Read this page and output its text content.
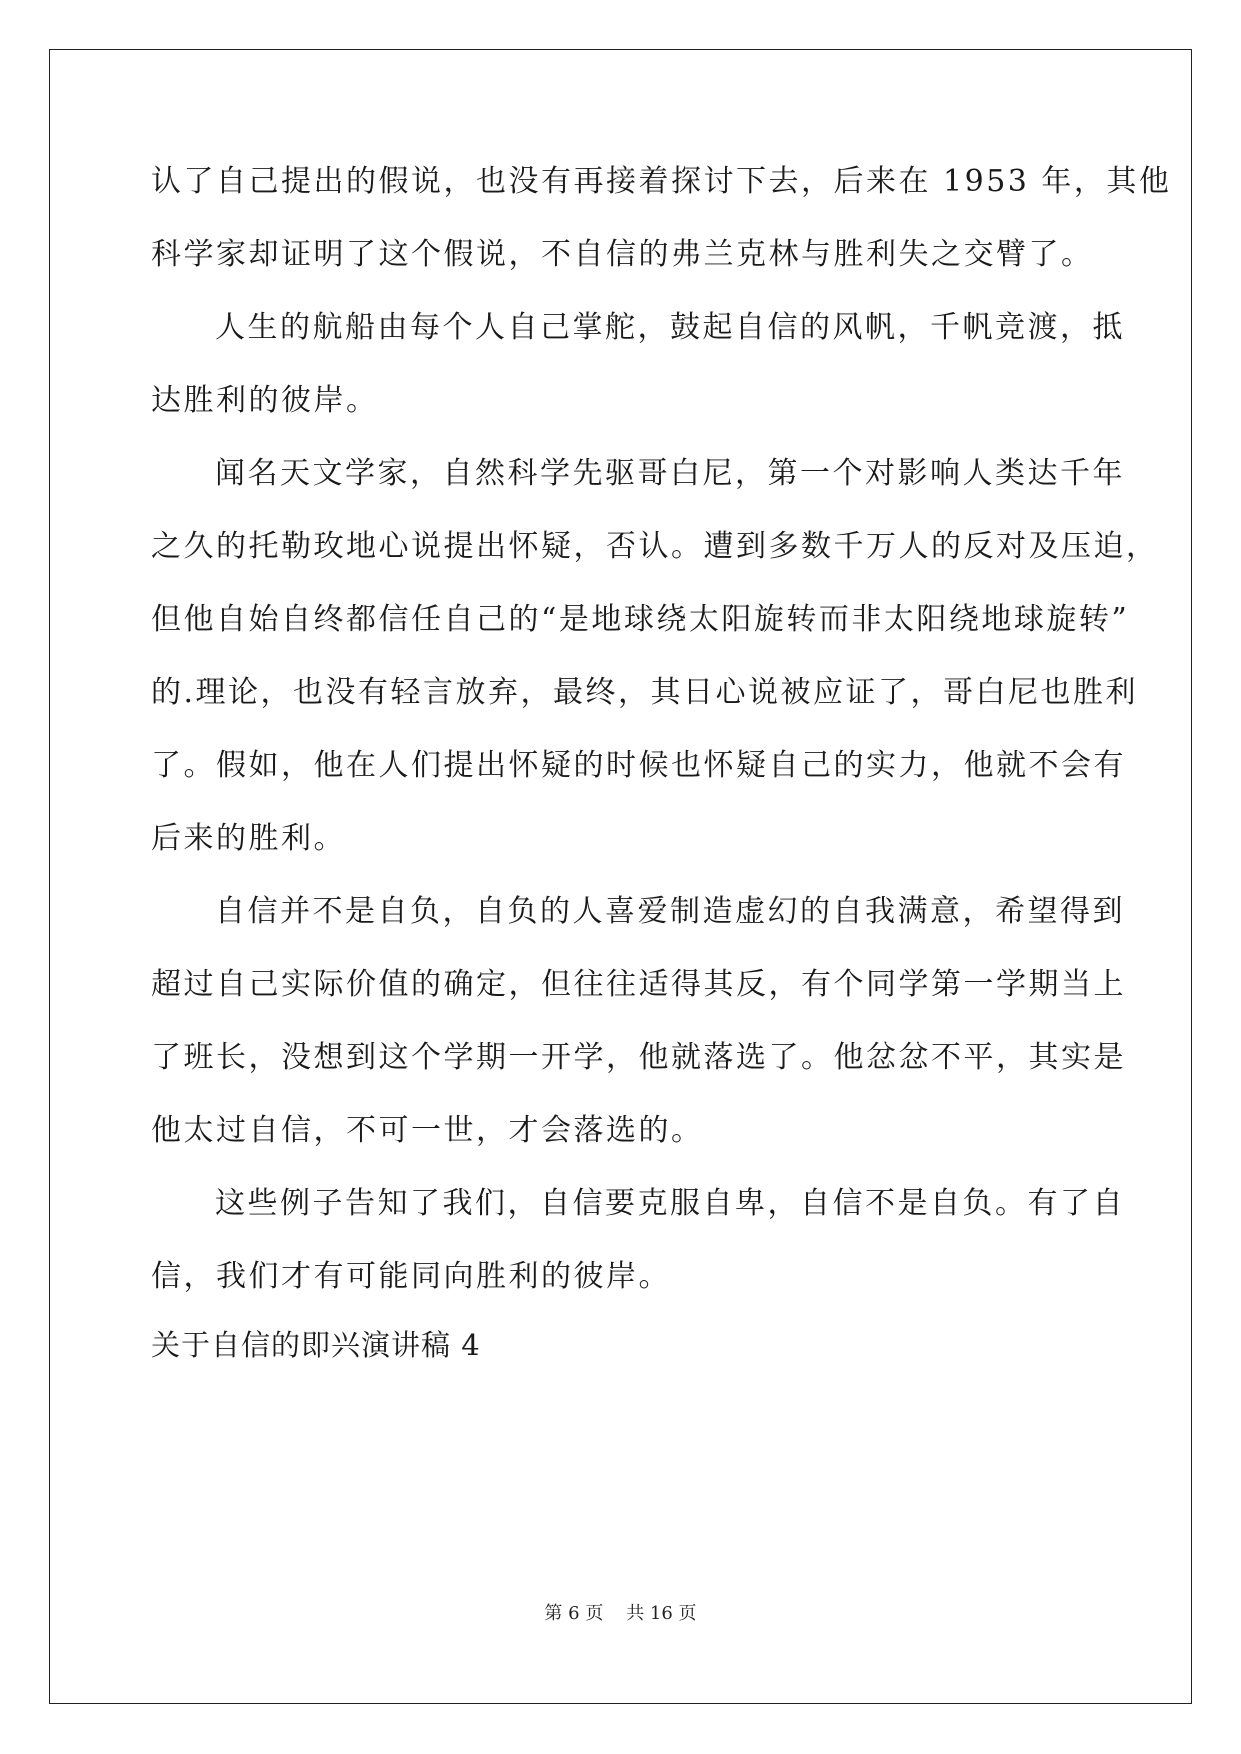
认了自己提出的假说，也没有再接着探讨下去，后来在 1953 年，其他
科学家却证明了这个假说，不自信的弗兰克林与胜利失之交臂了。
人生的航船由每个人自己掌舵，鼓起自信的风帆，千帆竞渡，抵
达胜利的彼岸。
闻名天文学家，自然科学先驱哥白尼，第一个对影响人类达千年
之久的托勒玫地心说提出怀疑，否认。遭到多数千万人的反对及压迫，
但他自始自终都信任自己的“是地球绕太阳旋转而非太阳绕地球旋转”
的.理论，也没有轻言放弃，最终，其日心说被应证了，哥白尼也胜利
了。假如，他在人们提出怀疑的时候也怀疑自己的实力，他就不会有
后来的胜利。
自信并不是自负，自负的人喜爱制造虚幻的自我满意，希望得到
超过自己实际价值的确定，但往往适得其反，有个同学第一学期当上
了班长，没想到这个学期一开学，他就落选了。他忿忿不平，其实是
他太过自信，不可一世，才会落选的。
这些例子告知了我们，自信要克服自卑，自信不是自负。有了自
信，我们才有可能同向胜利的彼岸。
关于自信的即兴演讲稿 4
第 6 页    共 16 页
